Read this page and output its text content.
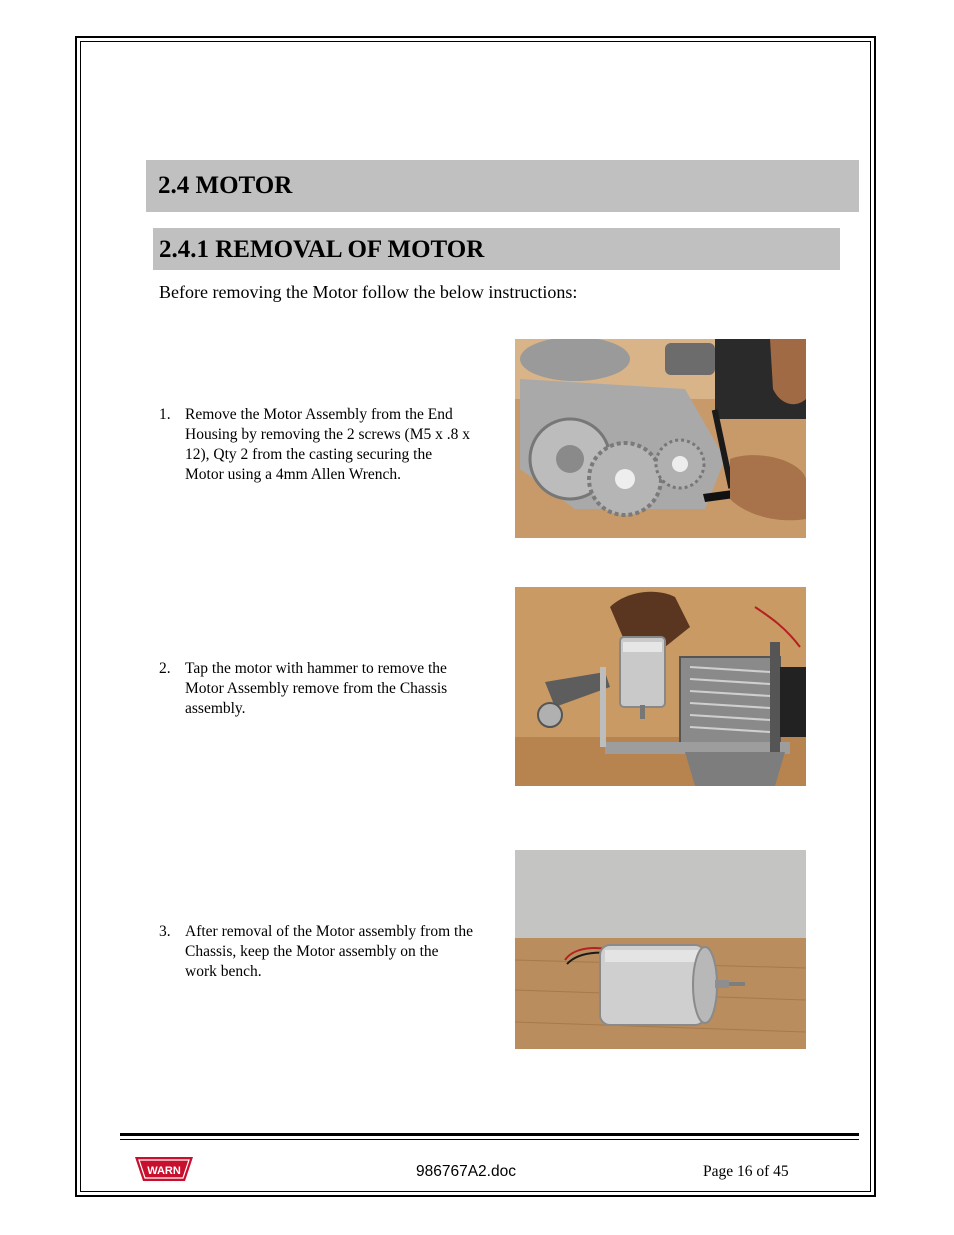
2.4 MOTOR
2.4.1 REMOVAL OF MOTOR
Before removing the Motor follow the below instructions:
1. Remove the Motor Assembly from the End Housing by removing the 2 screws (M5 x .8 x 12), Qty 2 from the casting securing the Motor using a 4mm Allen Wrench.
2. Tap the motor with hammer to remove the Motor Assembly remove from the Chassis assembly.
3. After removal of the Motor assembly from the Chassis, keep the Motor assembly on the work bench.
WARN	986767A2.doc	Page 16 of 45
